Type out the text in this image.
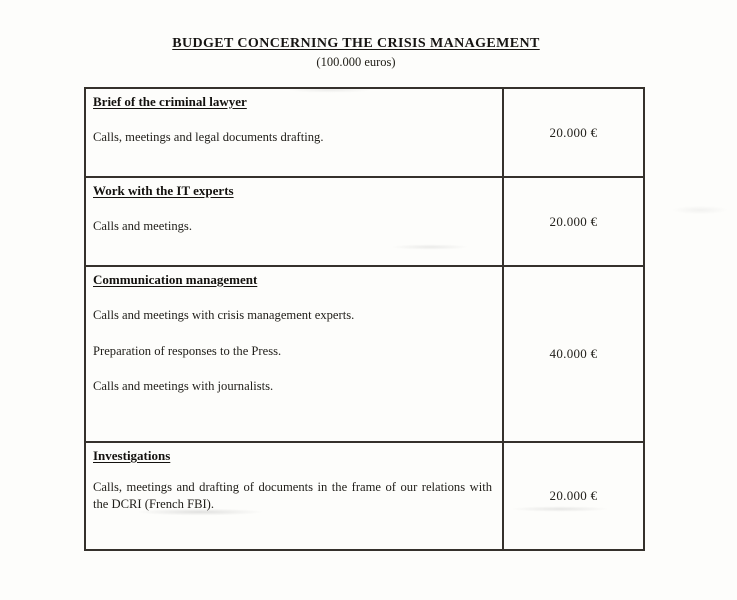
BUDGET CONCERNING THE CRISIS MANAGEMENT
(100.000 euros)

Brief of the criminal lawyer

Calls, meetings and legal documents drafting.	20.000 €

Work with the IT experts

Calls and meetings.	20.000 €

Communication management

Calls and meetings with crisis management experts.

Preparation of responses to the Press.

Calls and meetings with journalists.	40.000 €

Investigations

Calls, meetings and drafting of documents in the frame of our relations with the DCRI (French FBI).	20.000 €
